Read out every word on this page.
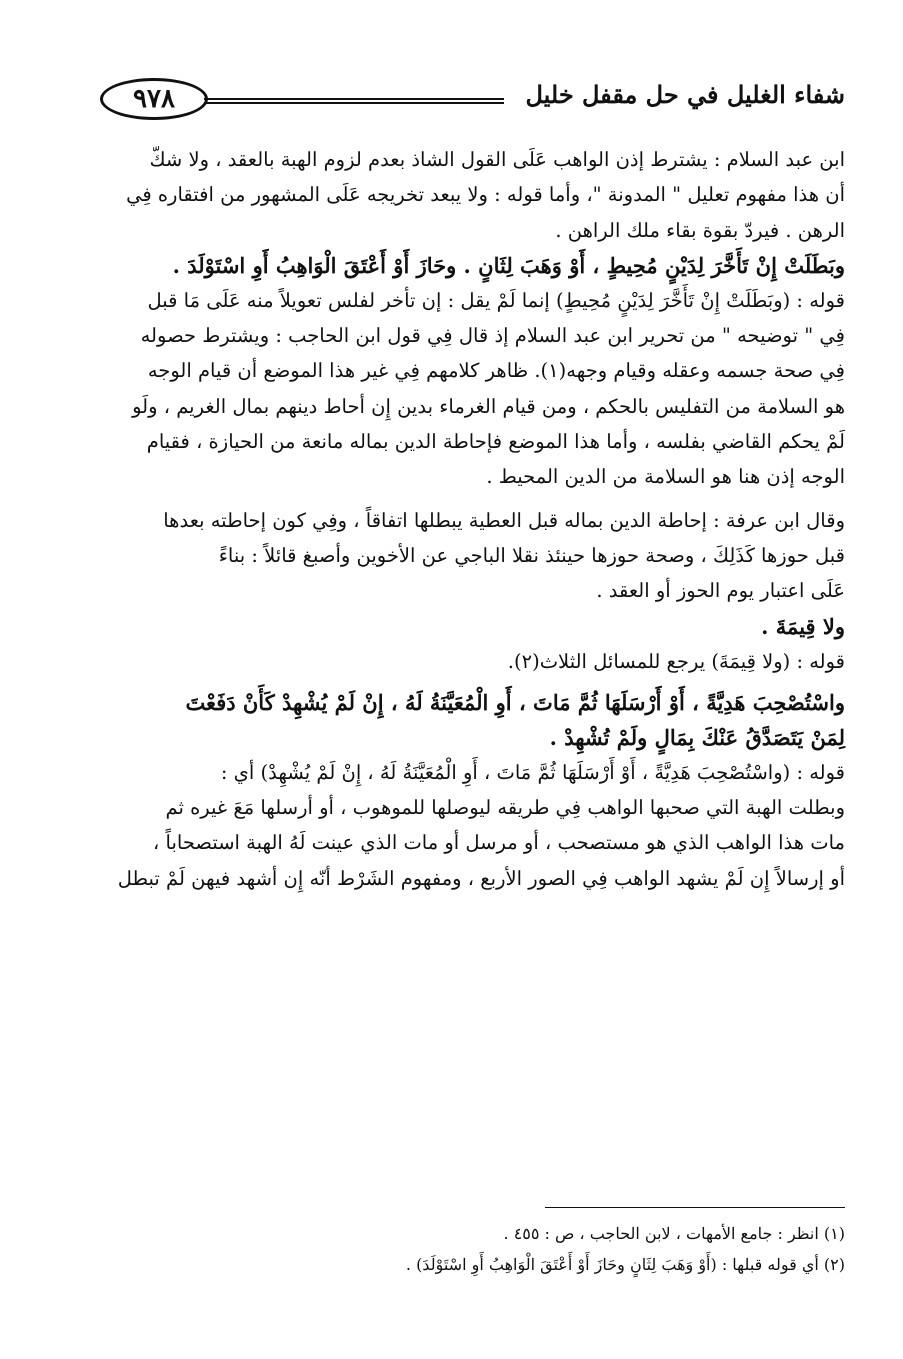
٩٧٨	شفاء الغليل في حل مقفل خليل
ابن عبد السلام : يشترط إذن الواهب عَلَى القول الشاذ بعدم لزوم الهبة بالعقد ، ولا شكّ
أن هذا مفهوم تعليل " المدونة "، وأما قوله : ولا يبعد تخريجه عَلَى المشهور من افتقاره فِي
الرهن . فيردّ بقوة بقاء ملك الراهن .
وبَطَلَتْ إِنْ تَأَخَّرَ لِدَيْنٍ مُحِيطٍ ، أَوْ وَهَبَ لِثَانٍ . وحَازَ أَوْ أَعْتَقَ الْوَاهِبُ أَوِ اسْتَوْلَدَ .
قوله : (وبَطَلَتْ إِنْ تَأَخَّرَ لِدَيْنٍ مُحِيطٍ) إنما لَمْ يقل : إن تأخر لفلس تعويلاً منه عَلَى مَا قبل
فِي " توضيحه " من تحرير ابن عبد السلام إذ قال فِي قول ابن الحاجب : ويشترط حصوله
فِي صحة جسمه وعقله وقيام وجهه(١). ظاهر كلامهم فِي غير هذا الموضع أن قيام الوجه
هو السلامة من التفليس بالحكم ، ومن قيام الغرماء بدين إِن أحاط دينهم بمال الغريم ، ولَو
لَمْ يحكم القاضي بفلسه ، وأما هذا الموضع فإحاطة الدين بماله مانعة من الحيازة ، فقيام
الوجه إذن هنا هو السلامة من الدين المحيط .
وقال ابن عرفة : إحاطة الدين بماله قبل العطية يبطلها اتفاقاً ، وفِي كون إحاطته بعدها
قبل حوزها كَذَلِكَ ، وصحة حوزها حينئذ نقلا الباجي عن الأخوين وأصبغ قائلاً : بناءً
عَلَى اعتبار يوم الحوز أو العقد .
ولا قِيمَةَ .
قوله : (ولا قِيمَةَ) يرجع للمسائل الثلاث(٢).
واسْتُصْحِبَ هَدِيَّةً ، أَوْ أَرْسَلَهَا ثُمَّ مَاتَ ، أَوِ الْمُعَيَّنَةُ لَهُ ، إِنْ لَمْ يُشْهِدْ كَأَنْ دَفَعْتَ
لِمَنْ يَتَصَدَّقُ عَنْكَ بِمَالٍ ولَمْ تُشْهِدْ .
قوله : (واسْتُصْحِبَ هَدِيَّةً ، أَوْ أَرْسَلَهَا ثُمَّ مَاتَ ، أَوِ الْمُعَيَّنَةُ لَهُ ، إِنْ لَمْ يُشْهِدْ) أي :
وبطلت الهبة التي صحبها الواهب فِي طريقه ليوصلها للموهوب ، أو أرسلها مَعَ غيره ثم
مات هذا الواهب الذي هو مستصحب ، أو مرسل أو مات الذي عينت لَهُ الهبة استصحاباً ،
أو إرسالاً إِن لَمْ يشهد الواهب فِي الصور الأربع ، ومفهوم الشَرْط أنّه إِن أشهد فيهن لَمْ تبطل

(١) انظر : جامع الأمهات ، لابن الحاجب ، ص : ٤٥٥ .

(٢) أي قوله قبلها : (أَوْ وَهَبَ لِثَانٍ وحَازَ أَوْ أَعْتَقَ الْوَاهِبُ أَوِ اسْتَوْلَدَ) .
